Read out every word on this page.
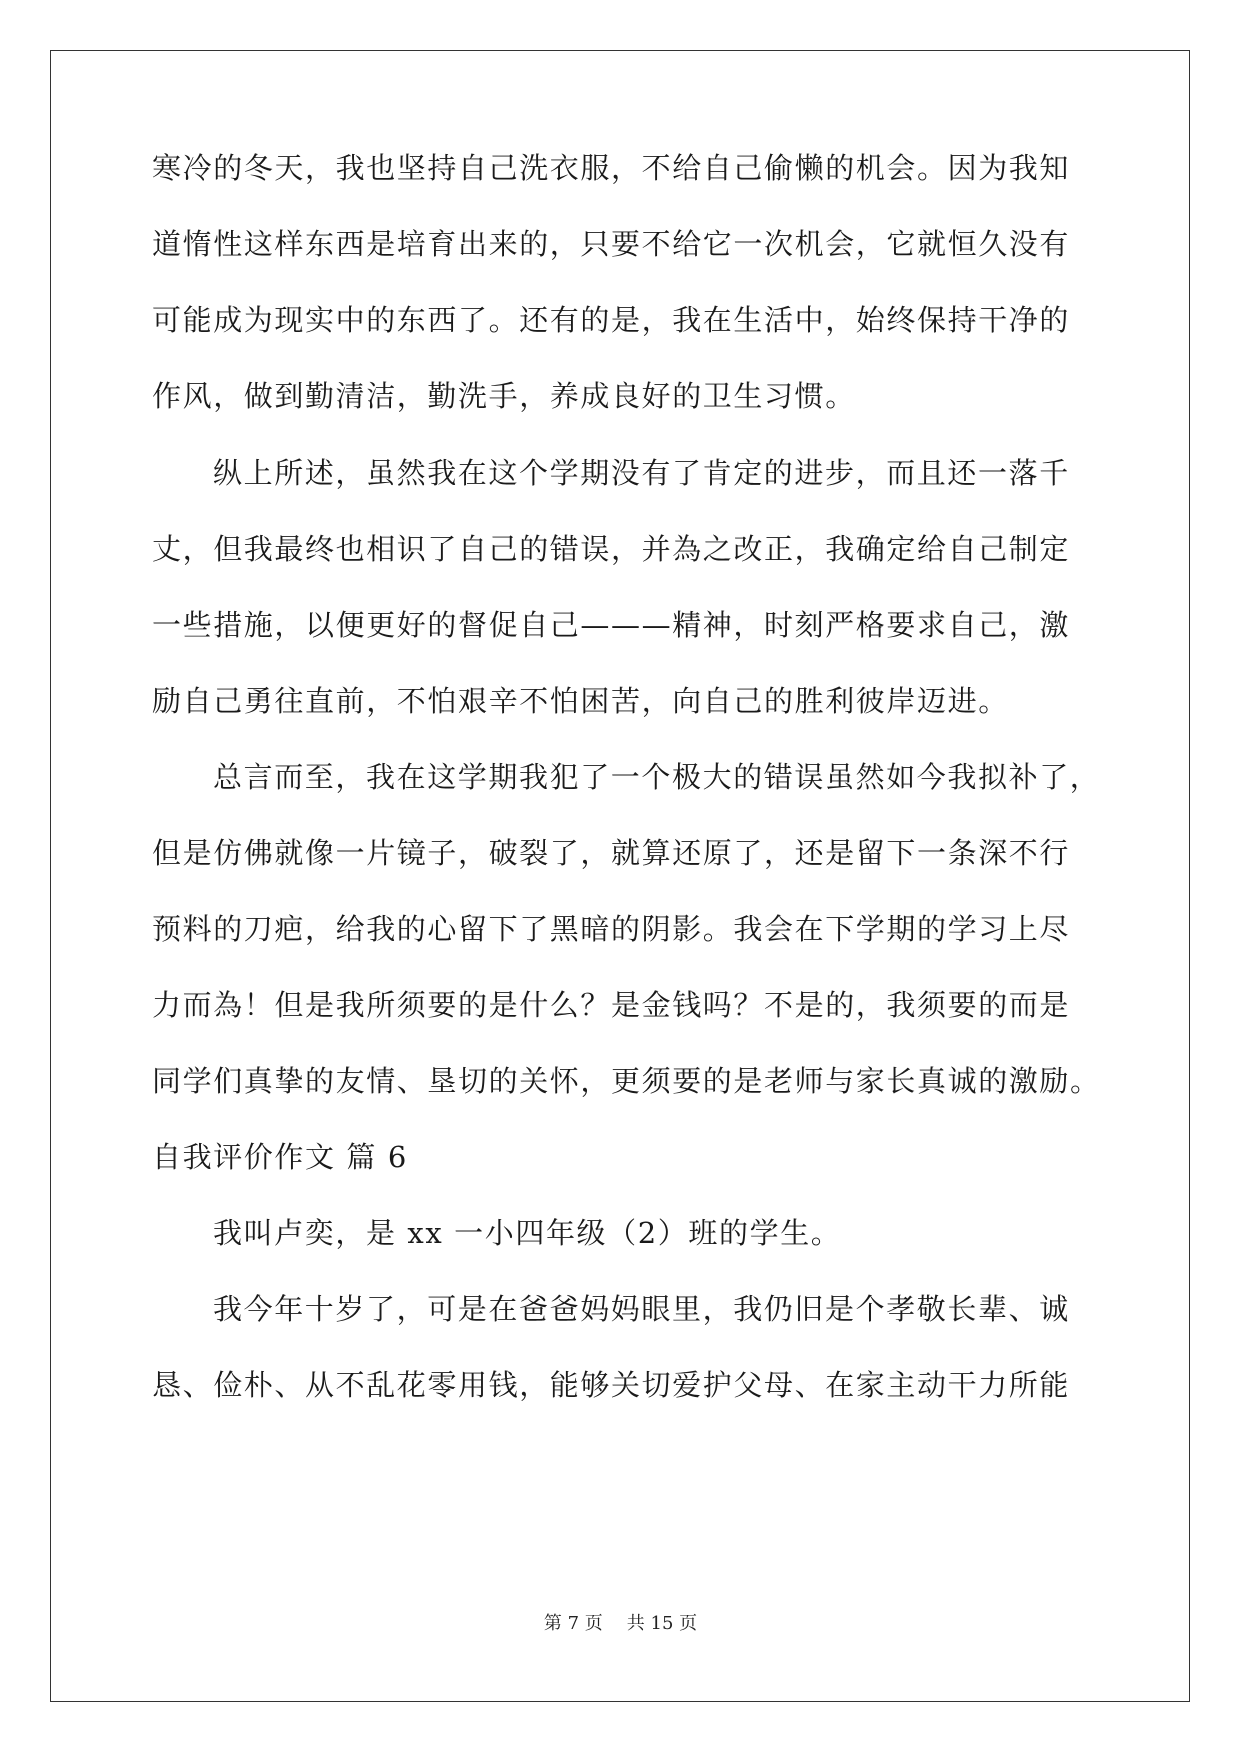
寒冷的冬天，我也坚持自己洗衣服，不给自己偷懒的机会。因为我知
道惰性这样东西是培育出来的，只要不给它一次机会，它就恒久没有
可能成为现实中的东西了。还有的是，我在生活中，始终保持干净的
作风，做到勤清洁，勤洗手，养成良好的卫生习惯。
纵上所述，虽然我在这个学期没有了肯定的进步，而且还一落千
丈，但我最终也相识了自己的错误，并為之改正，我确定给自己制定
一些措施，以便更好的督促自己———精神，时刻严格要求自己，激
励自己勇往直前，不怕艰辛不怕困苦，向自己的胜利彼岸迈进。
总言而至，我在这学期我犯了一个极大的错误虽然如今我拟补了，
但是仿佛就像一片镜子，破裂了，就算还原了，还是留下一条深不行
预料的刀疤，给我的心留下了黑暗的阴影。我会在下学期的学习上尽
力而為！但是我所须要的是什么？是金钱吗？不是的，我须要的而是
同学们真挚的友情、垦切的关怀，更须要的是老师与家长真诚的激励。
自我评价作文 篇 6
我叫卢奕，是 xx 一小四年级（2）班的学生。
我今年十岁了，可是在爸爸妈妈眼里，我仍旧是个孝敬长辈、诚
恳、俭朴、从不乱花零用钱，能够关切爱护父母、在家主动干力所能
第 7 页 共 15 页
